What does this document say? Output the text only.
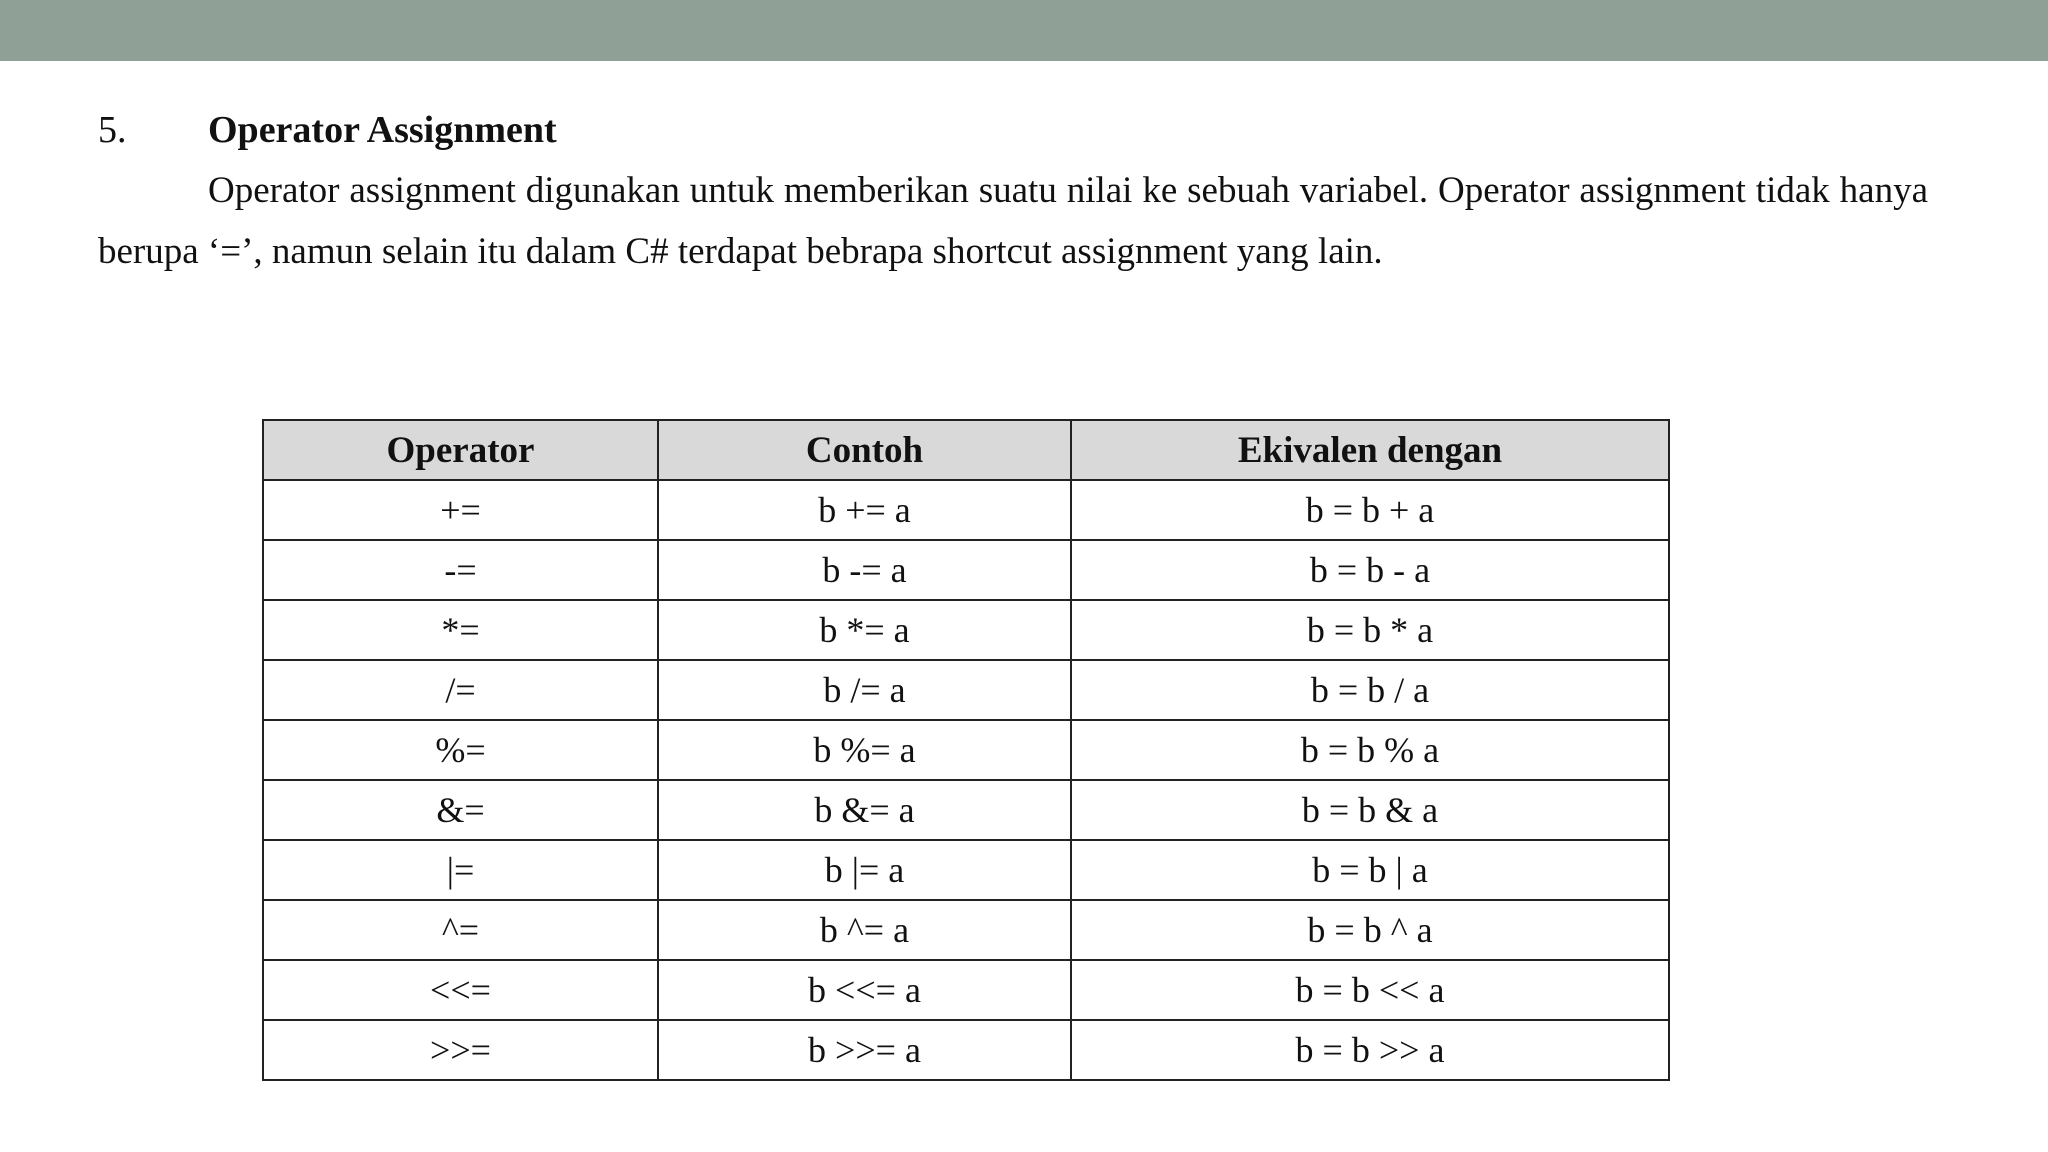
5.	Operator Assignment

Operator assignment digunakan untuk memberikan suatu nilai ke sebuah variabel. Operator assignment tidak hanya berupa ‘=’, namun selain itu dalam C# terdapat bebrapa shortcut assignment yang lain.

Operator	Contoh	Ekivalen dengan
+=	b += a	b = b + a
-=	b -= a	b = b - a
*=	b *= a	b = b * a
/=	b /= a	b = b / a
%=	b %= a	b = b % a
&=	b &= a	b = b & a
|=	b |= a	b = b | a
^=	b ^= a	b = b ^ a
<<=	b <<= a	b = b << a
>>=	b >>= a	b = b >> a
